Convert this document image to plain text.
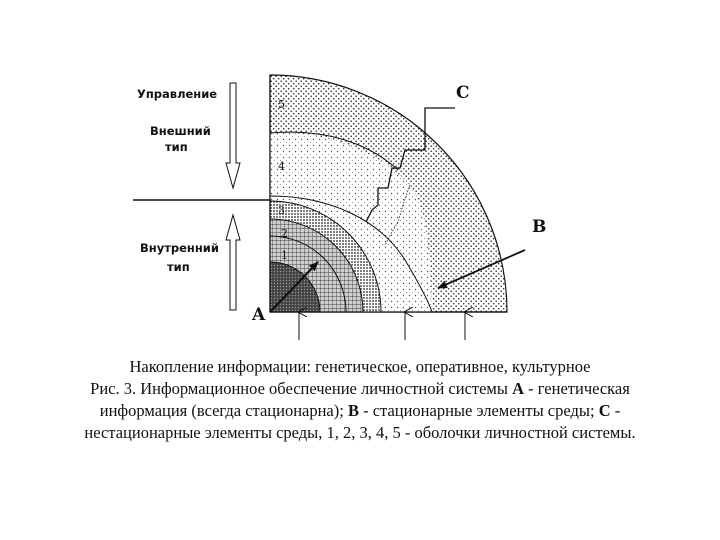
Управление
Внешний
тип
Внутренний
тип
A
B
C
5
4
3
2
1

Накопление информации: генетическое, оперативное, культурное

Рис. 3. Информационное обеспечение личностной системы А - генетическая

информация (всегда стационарна); В - стационарные элементы среды; С -

нестационарные элементы среды, 1, 2, 3, 4, 5 - оболочки личностной системы.
